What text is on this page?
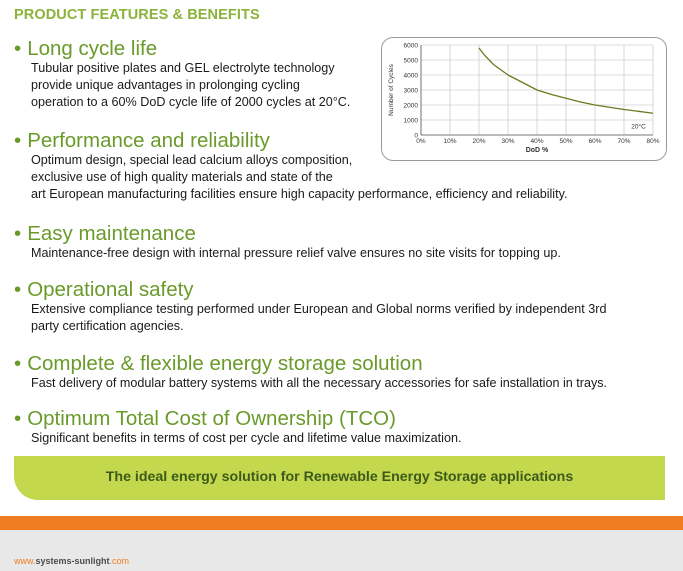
PRODUCT FEATURES & BENEFITS
• Long cycle life

Tubular positive plates and GEL electrolyte technology
provide unique advantages in prolonging cycling
operation to a 60% DoD cycle life of 2000 cycles at 20°C.

• Performance and reliability

Optimum design, special lead calcium alloys composition,
exclusive use of high quality materials and state of the
art European manufacturing facilities ensure high capacity performance, efficiency and reliability.

• Easy maintenance

Maintenance-free design with internal pressure relief valve ensures no site visits for topping up.

• Operational safety

Extensive compliance testing performed under European and Global norms verified by independent 3rd
party certification agencies.

• Complete & flexible energy storage solution

Fast delivery of modular battery systems with all the necessary accessories for safe installation in trays.

• Optimum Total Cost of Ownership (TCO)

Significant benefits in terms of cost per cycle and lifetime value maximization.

0
1000
2000
3000
4000
5000
6000
0%	10% 20% 30% 40% 50% 60% 70% 80%
DoD %
Number of Cycles
20°C
The ideal energy solution for Renewable Energy Storage applications
www.systems-sunlight.com
